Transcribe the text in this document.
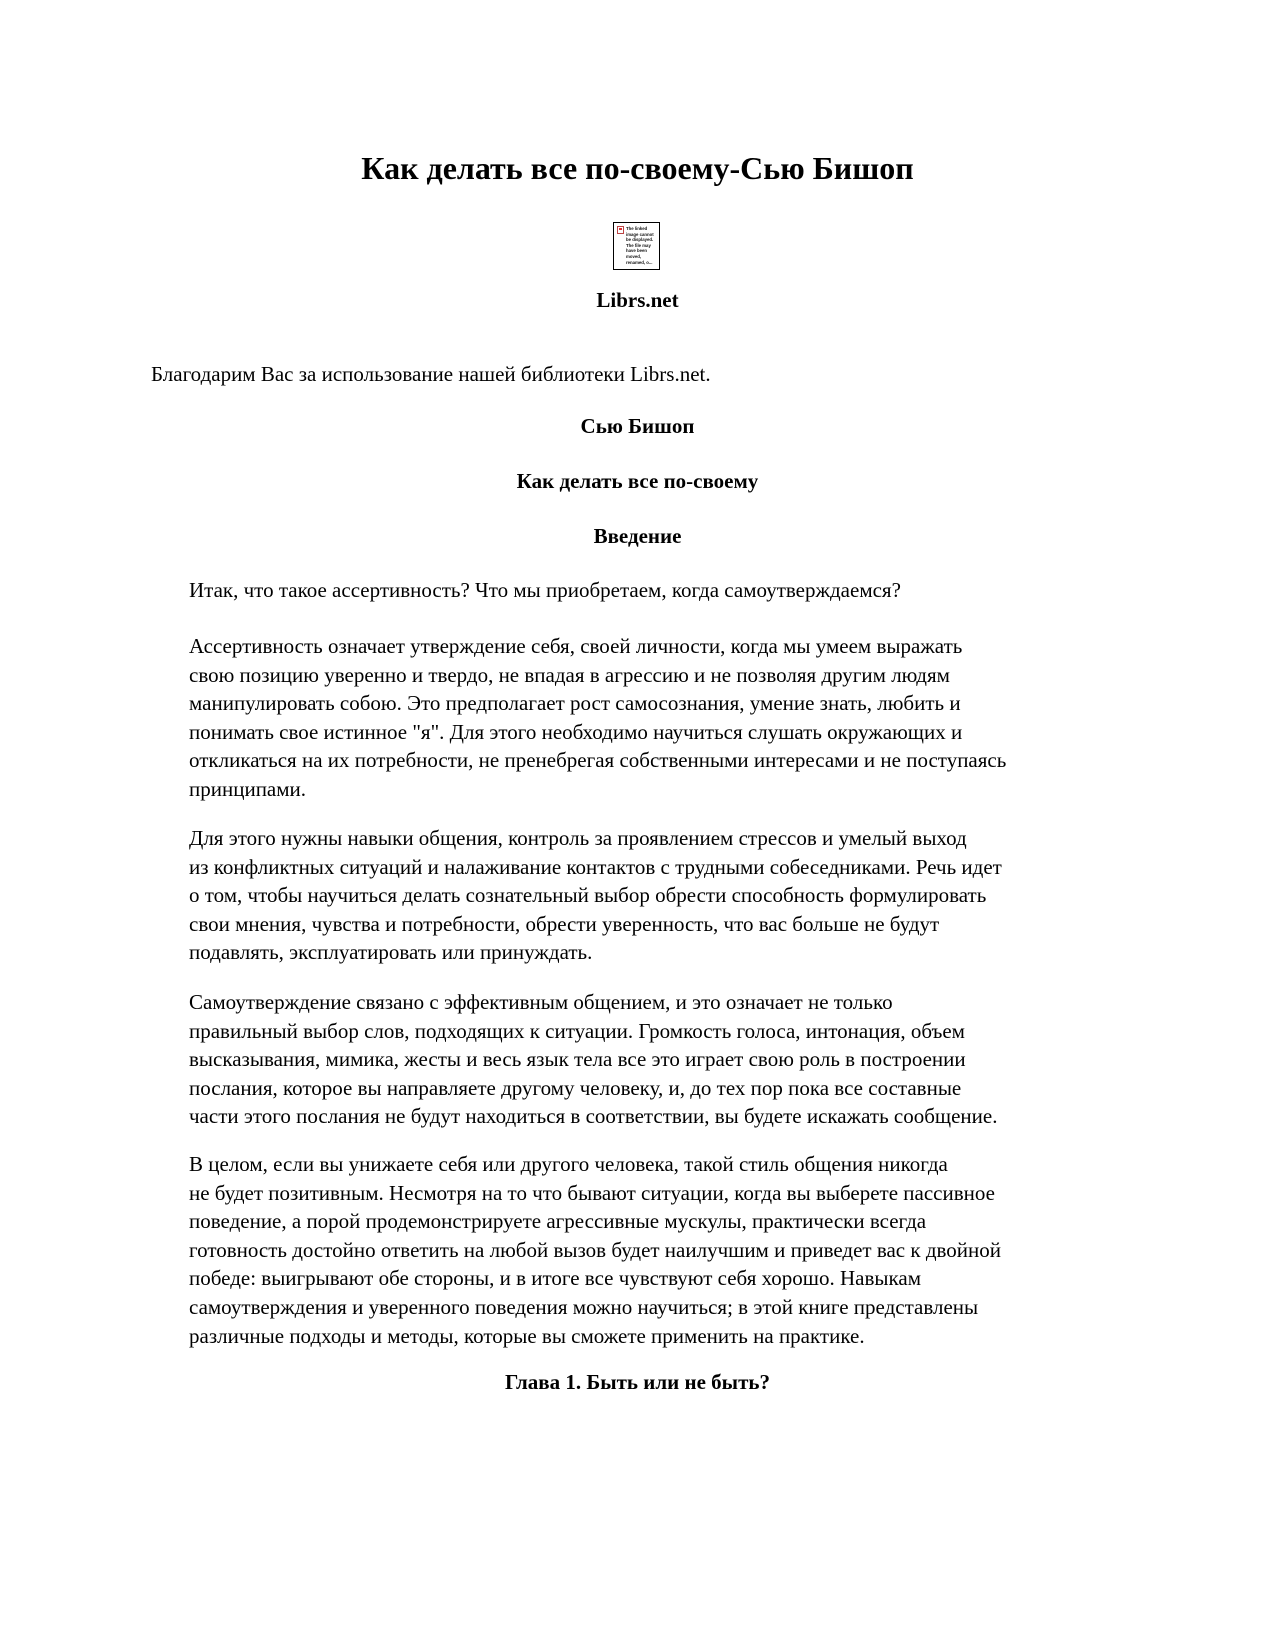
Как делать все по-своему-Сью Бишоп
The linked
image cannot
be displayed.
The file may
have been
moved,
renamed, o...

Librs.net

Благодарим Вас за использование нашей библиотеки Librs.net.

Сью Бишоп

Как делать все по-своему

Введение

Итак, что такое ассертивность? Что мы приобретаем, когда самоутверждаемся?

Ассертивность означает утверждение себя, своей личности, когда мы умеем выражать
свою позицию уверенно и твердо, не впадая в агрессию и не позволяя другим людям
манипулировать собою. Это предполагает рост самосознания, умение знать, любить и
понимать свое истинное "я". Для этого необходимо научиться слушать окружающих и
откликаться на их потребности, не пренебрегая собственными интересами и не поступаясь
принципами.

Для этого нужны навыки общения, контроль за проявлением стрессов и умелый выход
из конфликтных ситуаций и налаживание контактов с трудными собеседниками. Речь идет
о том, чтобы научиться делать сознательный выбор обрести способность формулировать
свои мнения, чувства и потребности, обрести уверенность, что вас больше не будут
подавлять, эксплуатировать или принуждать.

Самоутверждение связано с эффективным общением, и это означает не только
правильный выбор слов, подходящих к ситуации. Громкость голоса, интонация, объем
высказывания, мимика, жесты и весь язык тела все это играет свою роль в построении
послания, которое вы направляете другому человеку, и, до тех пор пока все составные
части этого послания не будут находиться в соответствии, вы будете искажать сообщение.

В целом, если вы унижаете себя или другого человека, такой стиль общения никогда
не будет позитивным. Несмотря на то что бывают ситуации, когда вы выберете пассивное
поведение, а порой продемонстрируете агрессивные мускулы, практически всегда
готовность достойно ответить на любой вызов будет наилучшим и приведет вас к двойной
победе: выигрывают обе стороны, и в итоге все чувствуют себя хорошо. Навыкам
самоутверждения и уверенного поведения можно научиться; в этой книге представлены
различные подходы и методы, которые вы сможете применить на практике.

Глава 1. Быть или не быть?
